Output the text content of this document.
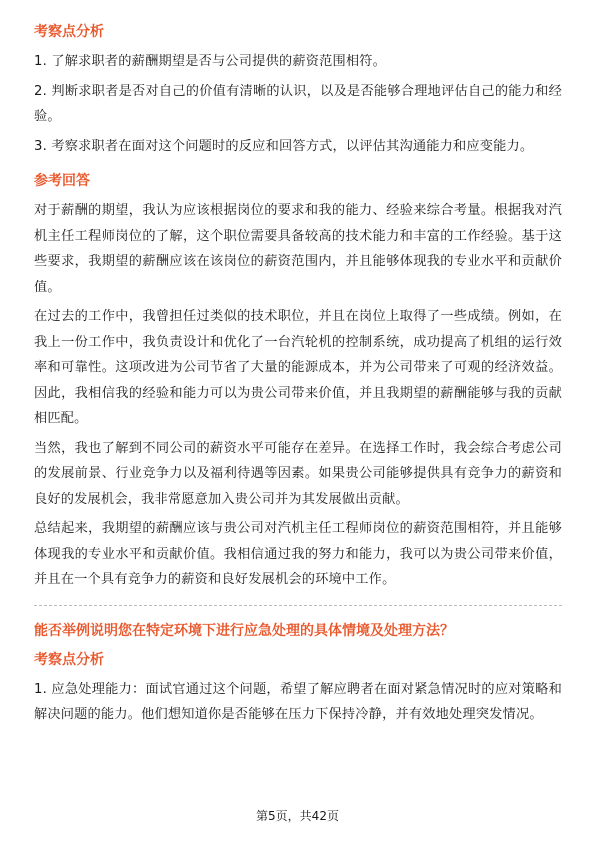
考察点分析
1. 了解求职者的薪酬期望是否与公司提供的薪资范围相符。
2. 判断求职者是否对自己的价值有清晰的认识，以及是否能够合理地评估自己的能力和经验。
3. 考察求职者在面对这个问题时的反应和回答方式，以评估其沟通能力和应变能力。
参考回答
对于薪酬的期望，我认为应该根据岗位的要求和我的能力、经验来综合考量。根据我对汽机主任工程师岗位的了解，这个职位需要具备较高的技术能力和丰富的工作经验。基于这些要求，我期望的薪酬应该在该岗位的薪资范围内，并且能够体现我的专业水平和贡献价值。
在过去的工作中，我曾担任过类似的技术职位，并且在岗位上取得了一些成绩。例如，在我上一份工作中，我负责设计和优化了一台汽轮机的控制系统，成功提高了机组的运行效率和可靠性。这项改进为公司节省了大量的能源成本，并为公司带来了可观的经济效益。因此，我相信我的经验和能力可以为贵公司带来价值，并且我期望的薪酬能够与我的贡献相匹配。
当然，我也了解到不同公司的薪资水平可能存在差异。在选择工作时，我会综合考虑公司的发展前景、行业竞争力以及福利待遇等因素。如果贵公司能够提供具有竞争力的薪资和良好的发展机会，我非常愿意加入贵公司并为其发展做出贡献。
总结起来，我期望的薪酬应该与贵公司对汽机主任工程师岗位的薪资范围相符，并且能够体现我的专业水平和贡献价值。我相信通过我的努力和能力，我可以为贵公司带来价值，并且在一个具有竞争力的薪资和良好发展机会的环境中工作。
能否举例说明您在特定环境下进行应急处理的具体情境及处理方法？
考察点分析
1. 应急处理能力：面试官通过这个问题，希望了解应聘者在面对紧急情况时的应对策略和解决问题的能力。他们想知道你是否能够在压力下保持冷静，并有效地处理突发情况。
第5页，共42页
